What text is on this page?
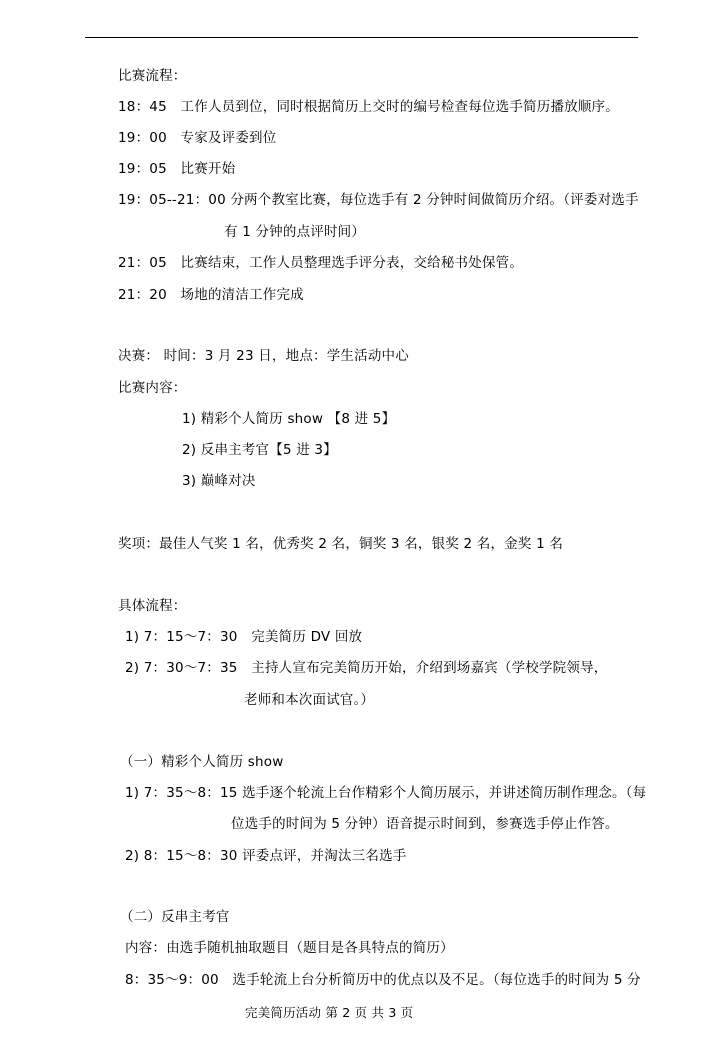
比赛流程：
18：45　工作人员到位，同时根据简历上交时的编号检查每位选手简历播放顺序。
19：00　专家及评委到位
19：05　比赛开始
19：05--21：00 分两个教室比赛，每位选手有 2 分钟时间做简历介绍。（评委对选手
有 1 分钟的点评时间）
21：05　比赛结束，工作人员整理选手评分表，交给秘书处保管。
21：20　场地的清洁工作完成
决赛： 时间：3 月 23 日，地点：学生活动中心
比赛内容：
1) 精彩个人简历 show 【8 进 5】
2) 反串主考官【5 进 3】
3) 巅峰对决
奖项：最佳人气奖 1 名，优秀奖 2 名，铜奖 3 名，银奖 2 名，金奖 1 名
具体流程：
1) 7：15～7：30　完美简历 DV 回放
2) 7：30～7：35　主持人宣布完美简历开始，介绍到场嘉宾（学校学院领导，
老师和本次面试官。）
（一）精彩个人简历 show
1) 7：35～8：15 选手逐个轮流上台作精彩个人简历展示，并讲述简历制作理念。（每
位选手的时间为 5 分钟）语音提示时间到，参赛选手停止作答。
2) 8：15～8：30 评委点评，并淘汰三名选手
（二）反串主考官
内容：由选手随机抽取题目（题目是各具特点的简历）
8：35～9：00　选手轮流上台分析简历中的优点以及不足。（每位选手的时间为 5 分
完美简历活动 第 2 页 共 3 页
